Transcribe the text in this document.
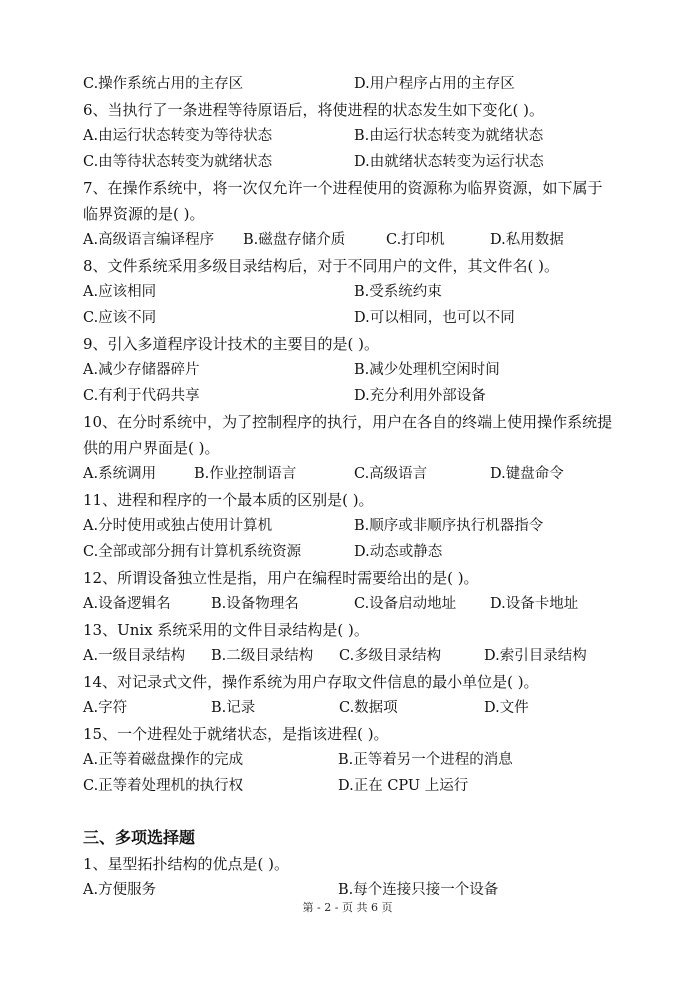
C.操作系统占用的主存区	D.用户程序占用的主存区
6、当执行了一条进程等待原语后，将使进程的状态发生如下变化( )。
A.由运行状态转变为等待状态	B.由运行状态转变为就绪状态
C.由等待状态转变为就绪状态	D.由就绪状态转变为运行状态
7、在操作系统中，将一次仅允许一个进程使用的资源称为临界资源，如下属于
临界资源的是( )。
A.高级语言编译程序 B.磁盘存储介质	C.打印机	D.私用数据
8、文件系统采用多级目录结构后，对于不同用户的文件，其文件名( )。
A.应该相同	B.受系统约束
C.应该不同	D.可以相同，也可以不同
9、引入多道程序设计技术的主要目的是( )。
A.减少存储器碎片	B.减少处理机空闲时间
C.有利于代码共享	D.充分利用外部设备
10、在分时系统中，为了控制程序的执行，用户在各自的终端上使用操作系统提
供的用户界面是( )。
A.系统调用	B.作业控制语言	C.高级语言	D.键盘命令
11、进程和程序的一个最本质的区别是( )。
A.分时使用或独占使用计算机	B.顺序或非顺序执行机器指令
C.全部或部分拥有计算机系统资源	D.动态或静态
12、所谓设备独立性是指，用户在编程时需要给出的是( )。
A.设备逻辑名	B.设备物理名	C.设备启动地址 D.设备卡地址
13、Unix 系统采用的文件目录结构是( )。
A.一级目录结构 B.二级目录结构 C.多级目录结构	D.索引目录结构
14、对记录式文件，操作系统为用户存取文件信息的最小单位是( )。
A.字符	B.记录	C.数据项	D.文件
15、一个进程处于就绪状态，是指该进程( )。
A.正等着磁盘操作的完成	B.正等着另一个进程的消息
C.正等着处理机的执行权	D.正在 CPU 上运行
三、多项选择题
1、星型拓扑结构的优点是( )。
A.方便服务	B.每个连接只接一个设备
第 - 2 - 页 共 6 页
